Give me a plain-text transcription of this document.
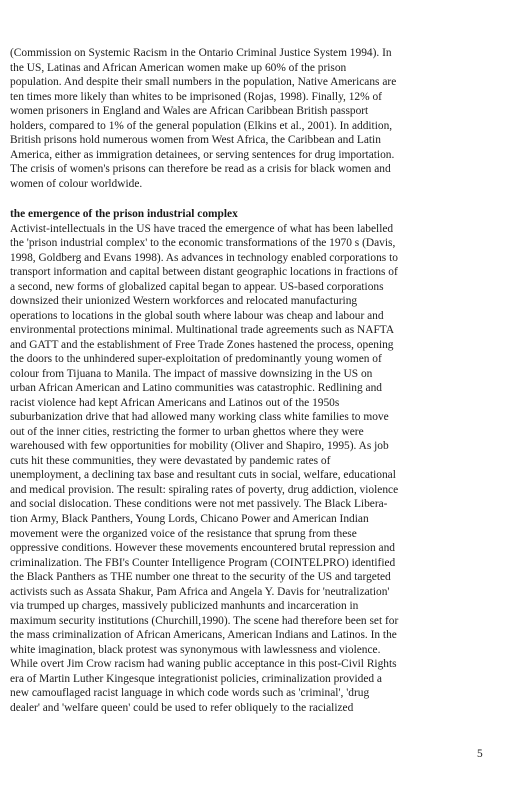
(Commission on Systemic Racism in the Ontario Criminal Justice System 1994). In
the US, Latinas and African American women make up 60% of the prison
population. And despite their small numbers in the population, Native Americans are
ten times more likely than whites to be imprisoned (Rojas, 1998). Finally, 12% of
women prisoners in England and Wales are African Caribbean British passport
holders, compared to 1% of the general population (Elkins et al., 2001). In addition,
British prisons hold numerous women from West Africa, the Caribbean and Latin
America, either as immigration detainees, or serving sentences for drug importation.
The crisis of women's prisons can therefore be read as a crisis for black women and
women of colour worldwide.
the emergence of the prison industrial complex
Activist-intellectuals in the US have traced the emergence of what has been labelled
the 'prison industrial complex' to the economic transformations of the 1970 s (Davis,
1998, Goldberg and Evans 1998). As advances in technology enabled corporations to
transport information and capital between distant geographic locations in fractions of
a second, new forms of globalized capital began to appear. US-based corporations
downsized their unionized Western workforces and relocated manufacturing
operations to locations in the global south where labour was cheap and labour and
environmental protections minimal. Multinational trade agreements such as NAFTA
and GATT and the establishment of Free Trade Zones hastened the process, opening
the doors to the unhindered super-exploitation of predominantly young women of
colour from Tijuana to Manila. The impact of massive downsizing in the US on
urban African American and Latino communities was catastrophic. Redlining and
racist violence had kept African Americans and Latinos out of the 1950s
suburbanization drive that had allowed many working class white families to move
out of the inner cities, restricting the former to urban ghettos where they were
warehoused with few opportunities for mobility (Oliver and Shapiro, 1995). As job
cuts hit these communities, they were devastated by pandemic rates of
unemployment, a declining tax base and resultant cuts in social, welfare, educational
and medical provision. The result: spiraling rates of poverty, drug addiction, violence
and social dislocation. These conditions were not met passively. The Black Libera-
tion Army, Black Panthers, Young Lords, Chicano Power and American Indian
movement were the organized voice of the resistance that sprung from these
oppressive conditions. However these movements encountered brutal repression and
criminalization. The FBI's Counter Intelligence Program (COINTELPRO) identified
the Black Panthers as THE number one threat to the security of the US and targeted
activists such as Assata Shakur, Pam Africa and Angela Y. Davis for 'neutralization'
via trumped up charges, massively publicized manhunts and incarceration in
maximum security institutions (Churchill,1990). The scene had therefore been set for
the mass criminalization of African Americans, American Indians and Latinos. In the
white imagination, black protest was synonymous with lawlessness and violence.
While overt Jim Crow racism had waning public acceptance in this post-Civil Rights
era of Martin Luther Kingesque integrationist policies, criminalization provided a
new camouflaged racist language in which code words such as 'criminal', 'drug
dealer' and 'welfare queen' could be used to refer obliquely to the racialized
5
